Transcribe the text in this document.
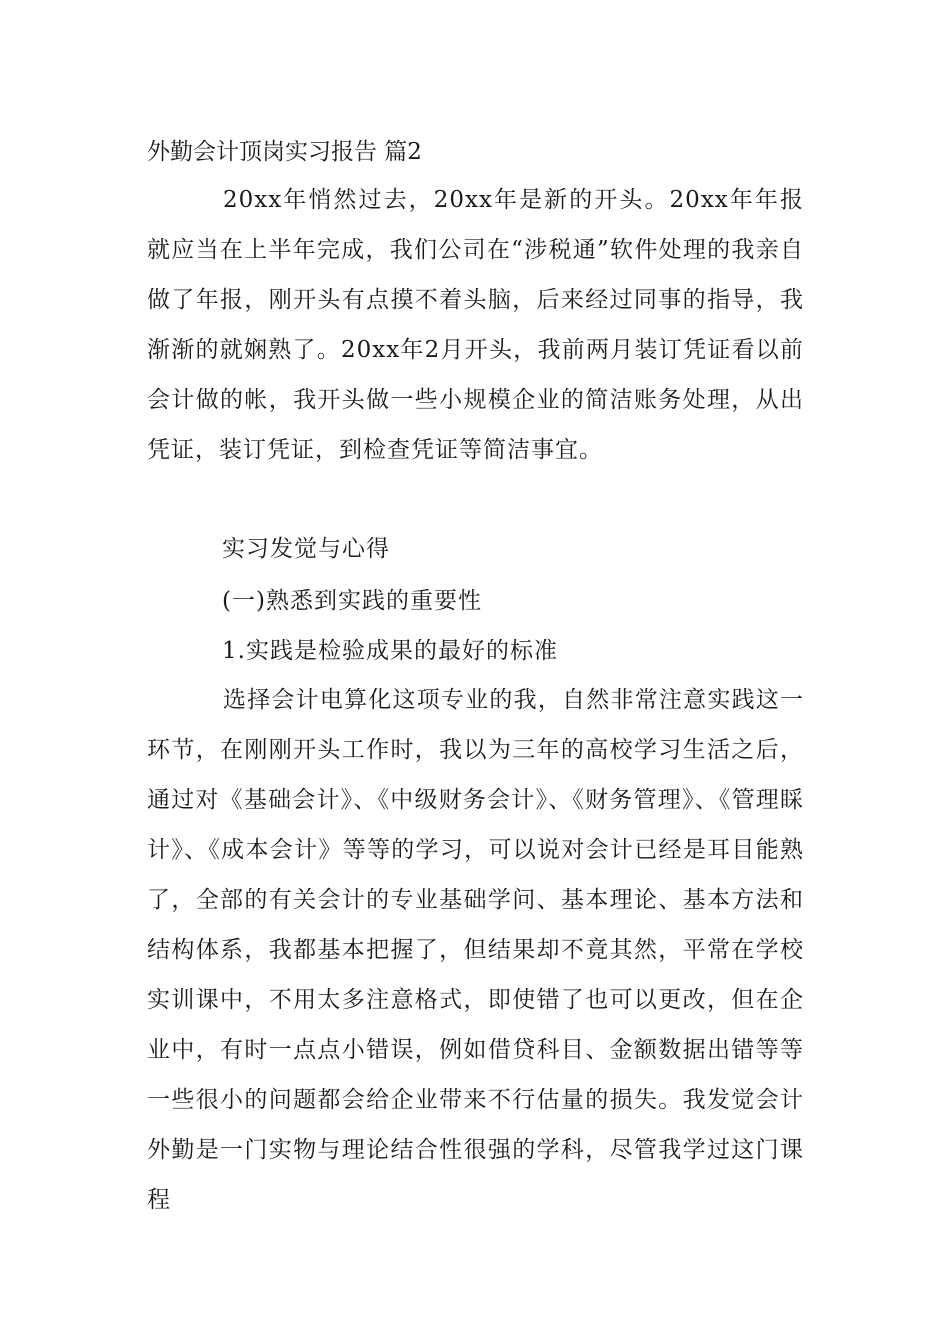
外勤会计顶岗实习报告 篇2

20xx年悄然过去，20xx年是新的开头。20xx年年报就应当在上半年完成，我们公司在“涉税通”软件处理的我亲自做了年报，刚开头有点摸不着头脑，后来经过同事的指导，我渐渐的就娴熟了。20xx年2月开头，我前两月装订凭证看以前会计做的帐，我开头做一些小规模企业的简洁账务处理，从出凭证，装订凭证，到检查凭证等简洁事宜。

实习发觉与心得
(一)熟悉到实践的重要性
1.实践是检验成果的最好的标准

选择会计电算化这项专业的我，自然非常注意实践这一环节，在刚刚开头工作时，我以为三年的高校学习生活之后，通过对《基础会计》、《中级财务会计》、《财务管理》、《管理睬计》、《成本会计》等等的学习，可以说对会计已经是耳目能熟了，全部的有关会计的专业基础学问、基本理论、基本方法和结构体系，我都基本把握了，但结果却不竟其然，平常在学校实训课中，不用太多注意格式，即使错了也可以更改，但在企业中，有时一点点小错误，例如借贷科目、金额数据出错等等一些很小的问题都会给企业带来不行估量的损失。我发觉会计外勤是一门实物与理论结合性很强的学科，尽管我学过这门课程
